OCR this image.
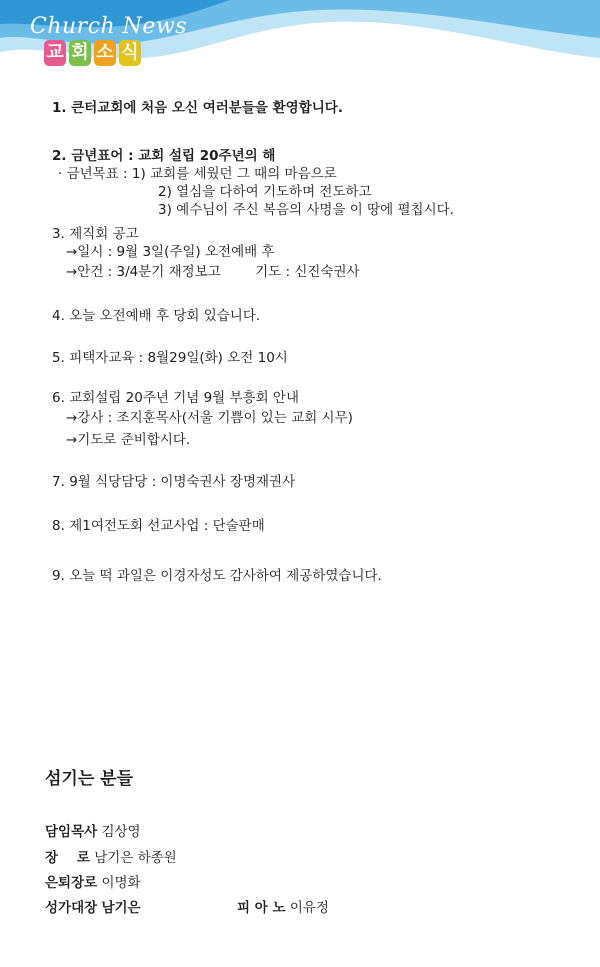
Church News
교 회 소 식
1. 큰터교회에 처음 오신 여러분들을 환영합니다.
2. 금년표어 : 교회 설립 20주년의 해
· 금년목표 : 1) 교회를 세웠던 그 때의 마음으로
2) 열심을 다하여 기도하며 전도하고
3) 예수님이 주신 복음의 사명을 이 땅에 펼칩시다.
3. 제직회 공고
→일시 : 9월 3일(주일) 오전예배 후
→안건 : 3/4분기 재정보고        기도 : 신진숙권사
4. 오늘 오전예배 후 당회 있습니다.
5. 피택자교육 : 8월29일(화) 오전 10시
6. 교회설립 20주년 기념 9월 부흥회 안내
→강사 : 조지훈목사(서울 기쁨이 있는 교회 시무)
→기도로 준비합시다.
7. 9월 식당담당 : 이명숙권사 장명재권사
8. 제1여전도회 선교사업 : 단술판매
9. 오늘 떡 과일은 이경자성도 감사하여 제공하였습니다.
섬기는 분들
담임목사 김상영
장    로 남기은 하종원
은퇴장로 이명화
성가대장 남기은	피 아 노 이유정
